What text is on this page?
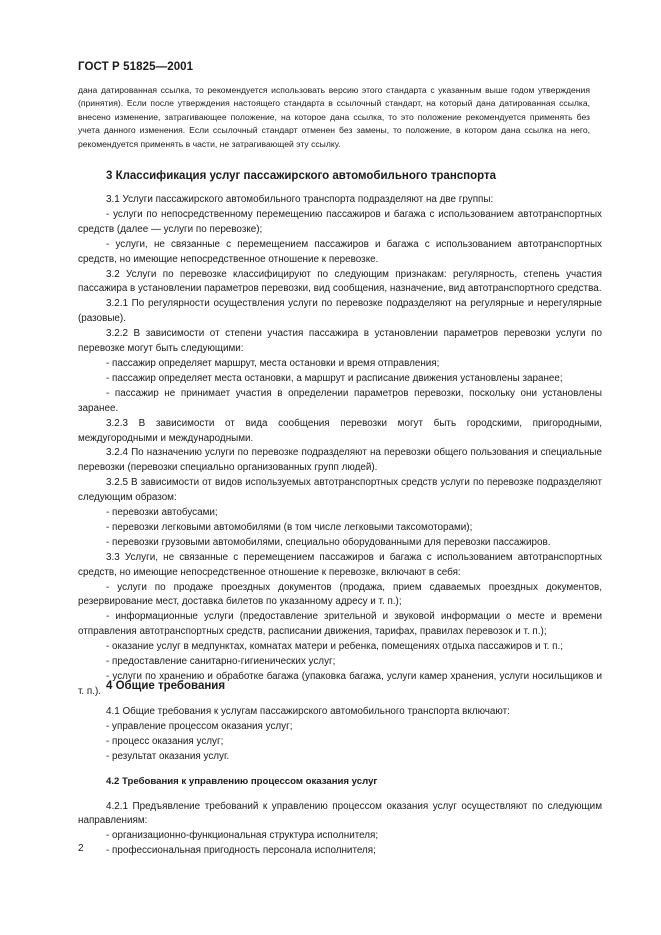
ГОСТ Р 51825—2001

дана датированная ссылка, то рекомендуется использовать версию этого стандарта с указанным выше годом утверждения (принятия). Если после утверждения настоящего стандарта в ссылочный стандарт, на который дана датированная ссылка, внесено изменение, затрагивающее положение, на которое дана ссылка, то это положение рекомендуется применять без учета данного изменения. Если ссылочный стандарт отменен без замены, то положение, в котором дана ссылка на него, рекомендуется применять в части, не затрагивающей эту ссылку.

3 Классификация услуг пассажирского автомобильного транспорта

3.1 Услуги пассажирского автомобильного транспорта подразделяют на две группы:

- услуги по непосредственному перемещению пассажиров и багажа с использованием автотранспортных средств (далее — услуги по перевозке);

- услуги, не связанные с перемещением пассажиров и багажа с использованием автотранспортных средств, но имеющие непосредственное отношение к перевозке.

3.2 Услуги по перевозке классифицируют по следующим признакам: регулярность, степень участия пассажира в установлении параметров перевозки, вид сообщения, назначение, вид автотранспортного средства.

3.2.1 По регулярности осуществления услуги по перевозке подразделяют на регулярные и нерегулярные (разовые).

3.2.2 В зависимости от степени участия пассажира в установлении параметров перевозки услуги по перевозке могут быть следующими:

- пассажир определяет маршрут, места остановки и время отправления;

- пассажир определяет места остановки, а маршрут и расписание движения установлены заранее;

- пассажир не принимает участия в определении параметров перевозки, поскольку они установлены заранее.

3.2.3 В зависимости от вида сообщения перевозки могут быть городскими, пригородными, междугородными и международными.

3.2.4 По назначению услуги по перевозке подразделяют на перевозки общего пользования и специальные перевозки (перевозки специально организованных групп людей).

3.2.5 В зависимости от видов используемых автотранспортных средств услуги по перевозке подразделяют следующим образом:

- перевозки автобусами;

- перевозки легковыми автомобилями (в том числе легковыми таксомоторами);

- перевозки грузовыми автомобилями, специально оборудованными для перевозки пассажиров.

3.3 Услуги, не связанные с перемещением пассажиров и багажа с использованием автотранспортных средств, но имеющие непосредственное отношение к перевозке, включают в себя:

- услуги по продаже проездных документов (продажа, прием сдаваемых проездных документов, резервирование мест, доставка билетов по указанному адресу и т. п.);

- информационные услуги (предоставление зрительной и звуковой информации о месте и времени отправления автотранспортных средств, расписании движения, тарифах, правилах перевозок и т. п.);

- оказание услуг в медпунктах, комнатах матери и ребенка, помещениях отдыха пассажиров и т. п.;

- предоставление санитарно-гигиенических услуг;

- услуги по хранению и обработке багажа (упаковка багажа, услуги камер хранения, услуги носильщиков и т. п.). 4 Общие требования

4.1 Общие требования к услугам пассажирского автомобильного транспорта включают:

- управление процессом оказания услуг;

- процесс оказания услуг;

- результат оказания услуг.

4.2 Требования к управлению процессом оказания услуг

4.2.1 Предъявление требований к управлению процессом оказания услуг осуществляют по следующим направлениям:

- организационно-функциональная структура исполнителя;

- профессиональная пригодность персонала исполнителя;

2
